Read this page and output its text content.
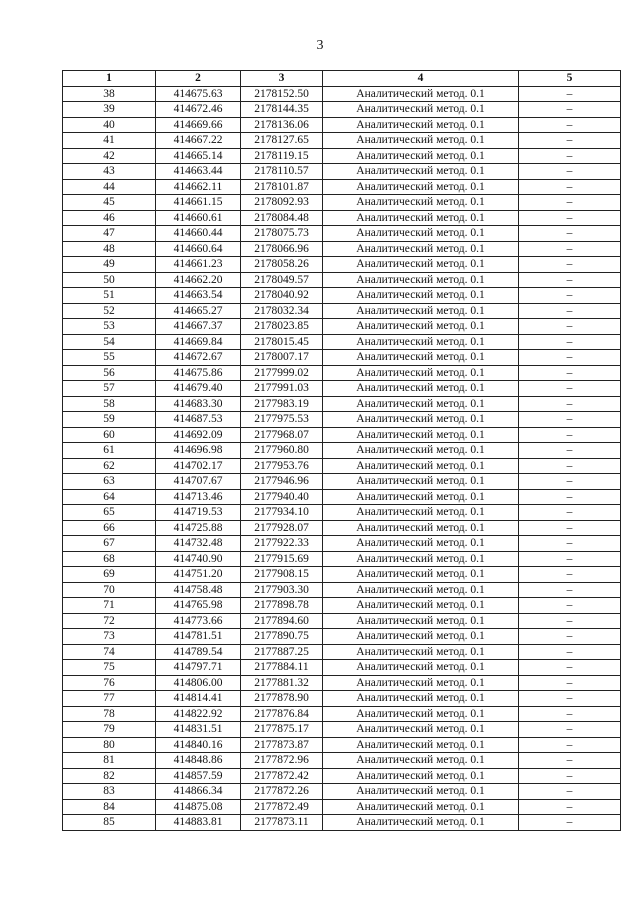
3
1	2	3	4	5
38	414675.63	2178152.50	Аналитический метод. 0.1	–
39	414672.46	2178144.35	Аналитический метод. 0.1	–
40	414669.66	2178136.06	Аналитический метод. 0.1	–
41	414667.22	2178127.65	Аналитический метод. 0.1	–
42	414665.14	2178119.15	Аналитический метод. 0.1	–
43	414663.44	2178110.57	Аналитический метод. 0.1	–
44	414662.11	2178101.87	Аналитический метод. 0.1	–
45	414661.15	2178092.93	Аналитический метод. 0.1	–
46	414660.61	2178084.48	Аналитический метод. 0.1	–
47	414660.44	2178075.73	Аналитический метод. 0.1	–
48	414660.64	2178066.96	Аналитический метод. 0.1	–
49	414661.23	2178058.26	Аналитический метод. 0.1	–
50	414662.20	2178049.57	Аналитический метод. 0.1	–
51	414663.54	2178040.92	Аналитический метод. 0.1	–
52	414665.27	2178032.34	Аналитический метод. 0.1	–
53	414667.37	2178023.85	Аналитический метод. 0.1	–
54	414669.84	2178015.45	Аналитический метод. 0.1	–
55	414672.67	2178007.17	Аналитический метод. 0.1	–
56	414675.86	2177999.02	Аналитический метод. 0.1	–
57	414679.40	2177991.03	Аналитический метод. 0.1	–
58	414683.30	2177983.19	Аналитический метод. 0.1	–
59	414687.53	2177975.53	Аналитический метод. 0.1	–
60	414692.09	2177968.07	Аналитический метод. 0.1	–
61	414696.98	2177960.80	Аналитический метод. 0.1	–
62	414702.17	2177953.76	Аналитический метод. 0.1	–
63	414707.67	2177946.96	Аналитический метод. 0.1	–
64	414713.46	2177940.40	Аналитический метод. 0.1	–
65	414719.53	2177934.10	Аналитический метод. 0.1	–
66	414725.88	2177928.07	Аналитический метод. 0.1	–
67	414732.48	2177922.33	Аналитический метод. 0.1	–
68	414740.90	2177915.69	Аналитический метод. 0.1	–
69	414751.20	2177908.15	Аналитический метод. 0.1	–
70	414758.48	2177903.30	Аналитический метод. 0.1	–
71	414765.98	2177898.78	Аналитический метод. 0.1	–
72	414773.66	2177894.60	Аналитический метод. 0.1	–
73	414781.51	2177890.75	Аналитический метод. 0.1	–
74	414789.54	2177887.25	Аналитический метод. 0.1	–
75	414797.71	2177884.11	Аналитический метод. 0.1	–
76	414806.00	2177881.32	Аналитический метод. 0.1	–
77	414814.41	2177878.90	Аналитический метод. 0.1	–
78	414822.92	2177876.84	Аналитический метод. 0.1	–
79	414831.51	2177875.17	Аналитический метод. 0.1	–
80	414840.16	2177873.87	Аналитический метод. 0.1	–
81	414848.86	2177872.96	Аналитический метод. 0.1	–
82	414857.59	2177872.42	Аналитический метод. 0.1	–
83	414866.34	2177872.26	Аналитический метод. 0.1	–
84	414875.08	2177872.49	Аналитический метод. 0.1	–
85	414883.81	2177873.11	Аналитический метод. 0.1	–
